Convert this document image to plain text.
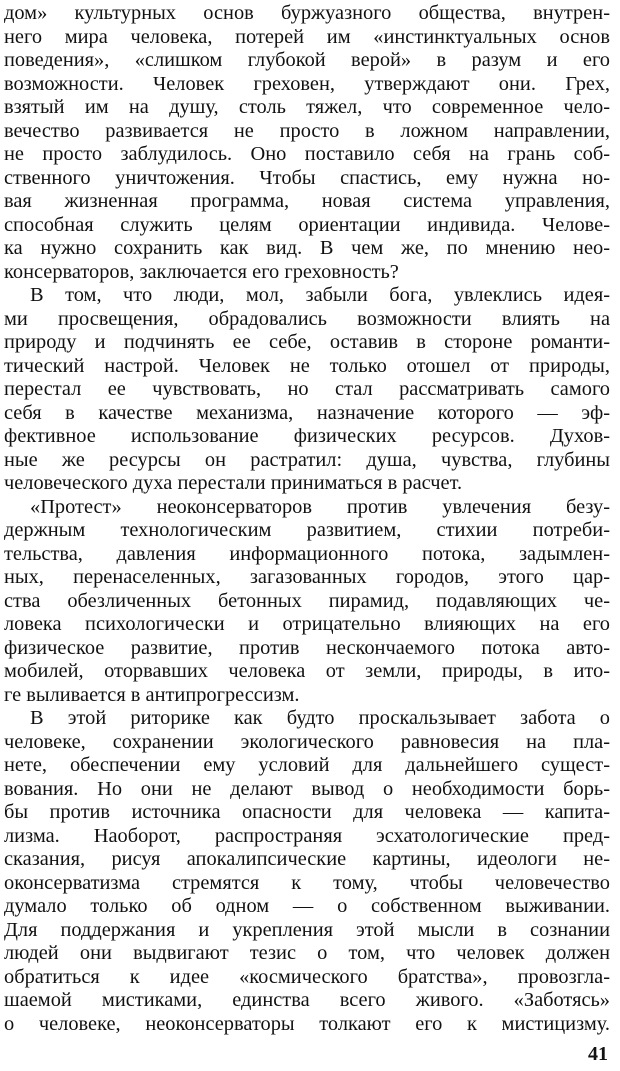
дом» культурных основ буржуазного общества, внутрен-
него мира человека, потерей им «инстинктуальных основ
поведения», «слишком глубокой верой» в разум и его
возможности. Человек греховен, утверждают они. Грех,
взятый им на душу, столь тяжел, что современное чело-
вечество развивается не просто в ложном направлении,
не просто заблудилось. Оно поставило себя на грань соб-
ственного уничтожения. Чтобы спастись, ему нужна но-
вая жизненная программа, новая система управления,
способная служить целям ориентации индивида. Челове-
ка нужно сохранить как вид. В чем же, по мнению нео-
консерваторов, заключается его греховность?
В том, что люди, мол, забыли бога, увлеклись идея-
ми просвещения, обрадовались возможности влиять на
природу и подчинять ее себе, оставив в стороне романти-
тический настрой. Человек не только отошел от природы,
перестал ее чувствовать, но стал рассматривать самого
себя в качестве механизма, назначение которого — эф-
фективное использование физических ресурсов. Духов-
ные же ресурсы он растратил: душа, чувства, глубины
человеческого духа перестали приниматься в расчет.
«Протест» неоконсерваторов против увлечения безу-
держным технологическим развитием, стихии потреби-
тельства, давления информационного потока, задымлен-
ных, перенаселенных, загазованных городов, этого цар-
ства обезличенных бетонных пирамид, подавляющих че-
ловека психологически и отрицательно влияющих на его
физическое развитие, против нескончаемого потока авто-
мобилей, оторвавших человека от земли, природы, в ито-
ге выливается в антипрогрессизм.
В этой риторике как будто проскальзывает забота о
человеке, сохранении экологического равновесия на пла-
нете, обеспечении ему условий для дальнейшего сущест-
вования. Но они не делают вывод о необходимости борь-
бы против источника опасности для человека — капита-
лизма. Наоборот, распространяя эсхатологические пред-
сказания, рисуя апокалипсические картины, идеологи не-
оконсерватизма стремятся к тому, чтобы человечество
думало только об одном — о собственном выживании.
Для поддержания и укрепления этой мысли в сознании
людей они выдвигают тезис о том, что человек должен
обратиться к идее «космического братства», провозгла-
шаемой мистиками, единства всего живого. «Заботясь»
о человеке, неоконсерваторы толкают его к мистицизму.
41
